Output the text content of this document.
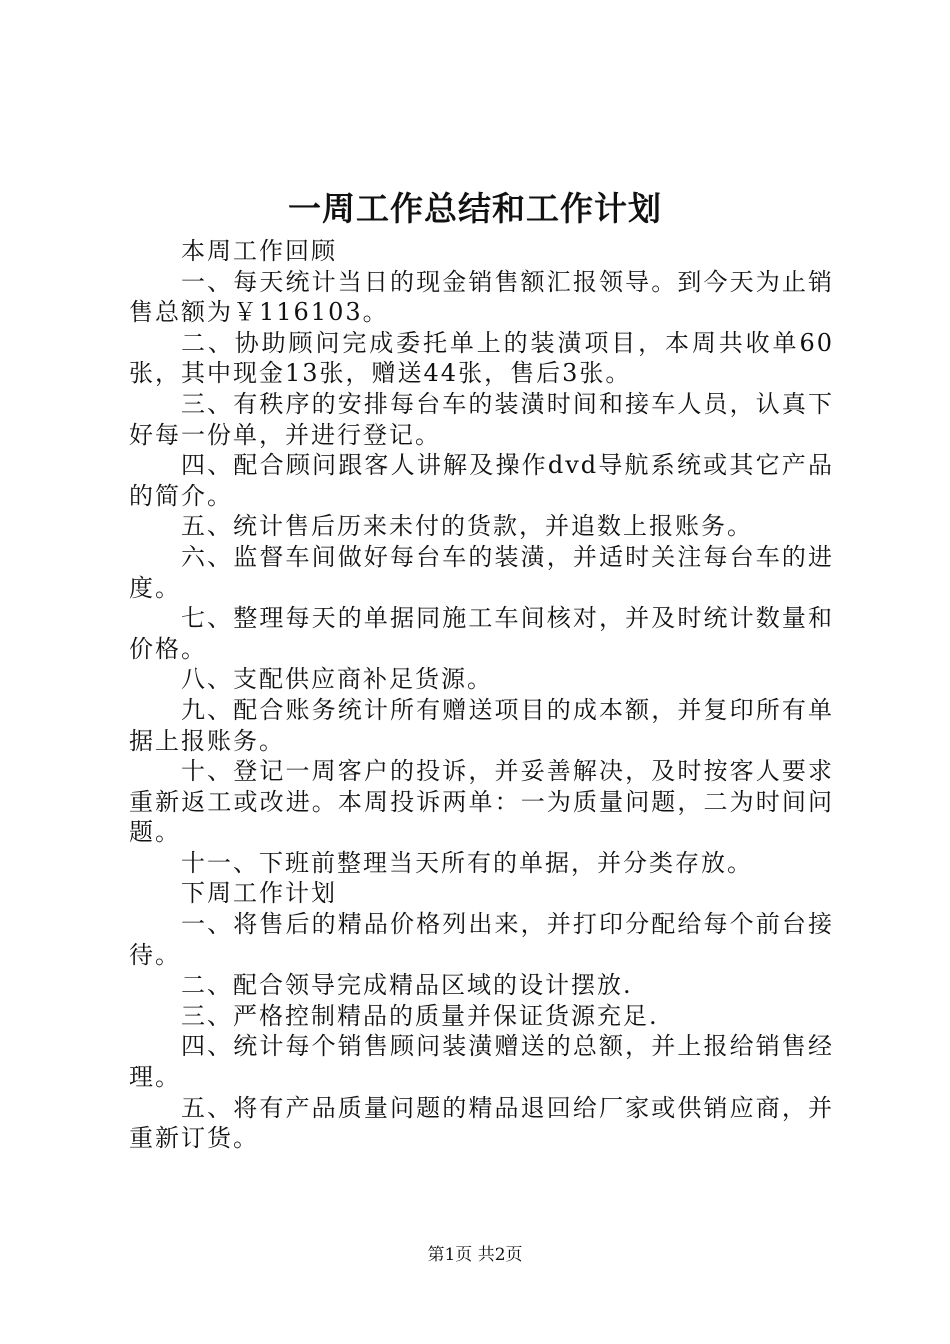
一周工作总结和工作计划

本周工作回顾

一、每天统计当日的现金销售额汇报领导。到今天为止销售总额为￥116103。

二、协助顾问完成委托单上的装潢项目，本周共收单60张，其中现金13张，赠送44张，售后3张。

三、有秩序的安排每台车的装潢时间和接车人员，认真下好每一份单，并进行登记。

四、配合顾问跟客人讲解及操作dvd导航系统或其它产品的简介。

五、统计售后历来未付的货款，并追数上报账务。

六、监督车间做好每台车的装潢，并适时关注每台车的进度。

七、整理每天的单据同施工车间核对，并及时统计数量和价格。

八、支配供应商补足货源。

九、配合账务统计所有赠送项目的成本额，并复印所有单据上报账务。

十、登记一周客户的投诉，并妥善解决，及时按客人要求重新返工或改进。本周投诉两单：一为质量问题，二为时间问题。

十一、下班前整理当天所有的单据，并分类存放。

下周工作计划

一、将售后的精品价格列出来，并打印分配给每个前台接待。

二、配合领导完成精品区域的设计摆放.

三、严格控制精品的质量并保证货源充足.

四、统计每个销售顾问装潢赠送的总额，并上报给销售经理。

五、将有产品质量问题的精品退回给厂家或供销应商，并重新订货。

第1页 共2页
